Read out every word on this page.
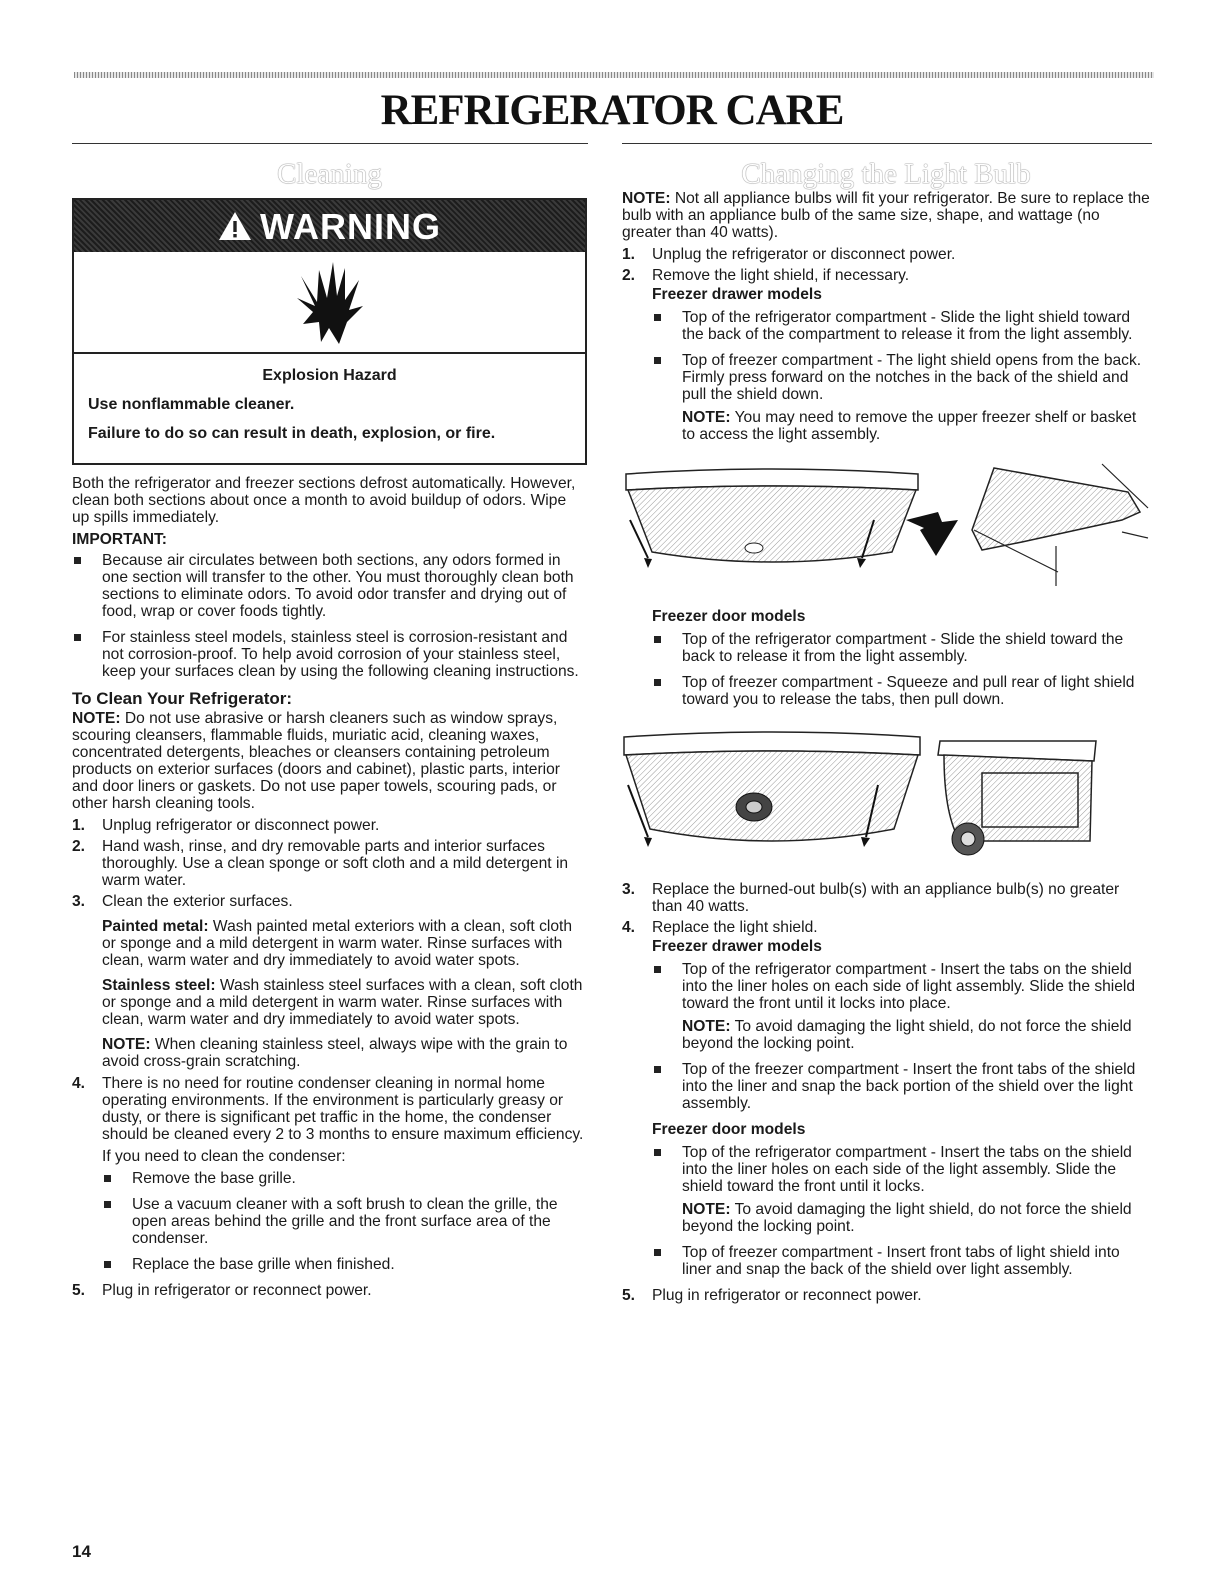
REFRIGERATOR CARE
Cleaning
WARNING

Explosion Hazard

Use nonflammable cleaner.

Failure to do so can result in death, explosion, or fire.

Both the refrigerator and freezer sections defrost automatically. However, clean both sections about once a month to avoid buildup of odors. Wipe up spills immediately.

IMPORTANT:
Because air circulates between both sections, any odors formed in one section will transfer to the other. You must thoroughly clean both sections to eliminate odors. To avoid odor transfer and drying out of food, wrap or cover foods tightly.
For stainless steel models, stainless steel is corrosion-resistant and not corrosion-proof. To help avoid corrosion of your stainless steel, keep your surfaces clean by using the following cleaning instructions.
To Clean Your Refrigerator:

NOTE: Do not use abrasive or harsh cleaners such as window sprays, scouring cleansers, flammable fluids, muriatic acid, cleaning waxes, concentrated detergents, bleaches or cleansers containing petroleum products on exterior surfaces (doors and cabinet), plastic parts, interior and door liners or gaskets. Do not use paper towels, scouring pads, or other harsh cleaning tools.

1. Unplug refrigerator or disconnect power.
2. Hand wash, rinse, and dry removable parts and interior surfaces thoroughly. Use a clean sponge or soft cloth and a mild detergent in warm water.
3. Clean the exterior surfaces.

Painted metal: Wash painted metal exteriors with a clean, soft cloth or sponge and a mild detergent in warm water. Rinse surfaces with clean, warm water and dry immediately to avoid water spots.

Stainless steel: Wash stainless steel surfaces with a clean, soft cloth or sponge and a mild detergent in warm water. Rinse surfaces with clean, warm water and dry immediately to avoid water spots.

NOTE: When cleaning stainless steel, always wipe with the grain to avoid cross-grain scratching.

4. There is no need for routine condenser cleaning in normal home operating environments. If the environment is particularly greasy or dusty, or there is significant pet traffic in the home, the condenser should be cleaned every 2 to 3 months to ensure maximum efficiency.

If you need to clean the condenser:

Remove the base grille.
Use a vacuum cleaner with a soft brush to clean the grille, the open areas behind the grille and the front surface area of the condenser.
Replace the base grille when finished.
5. Plug in refrigerator or reconnect power.
Changing the Light Bulb

NOTE: Not all appliance bulbs will fit your refrigerator. Be sure to replace the bulb with an appliance bulb of the same size, shape, and wattage (no greater than 40 watts).

1. Unplug the refrigerator or disconnect power.
2. Remove the light shield, if necessary.
Freezer drawer models
Top of the refrigerator compartment - Slide the light shield toward the back of the compartment to release it from the light assembly.
Top of freezer compartment - The light shield opens from the back. Firmly press forward on the notches in the back of the shield and pull the shield down.

NOTE: You may need to remove the upper freezer shelf or basket to access the light assembly.

Freezer door models
Top of the refrigerator compartment - Slide the shield toward the back to release it from the light assembly.
Top of freezer compartment - Squeeze and pull rear of light shield toward you to release the tabs, then pull down.
3. Replace the burned-out bulb(s) with an appliance bulb(s) no greater than 40 watts.
4. Replace the light shield.
Freezer drawer models
Top of the refrigerator compartment - Insert the tabs on the shield into the liner holes on each side of light assembly. Slide the shield toward the front until it locks into place.

NOTE: To avoid damaging the light shield, do not force the shield beyond the locking point.

Top of the freezer compartment - Insert the front tabs of the shield into the liner and snap the back portion of the shield over the light assembly.
Freezer door models
Top of the refrigerator compartment - Insert the tabs on the shield into the liner holes on each side of the light assembly. Slide the shield toward the front until it locks.

NOTE: To avoid damaging the light shield, do not force the shield beyond the locking point.

Top of freezer compartment - Insert front tabs of light shield into liner and snap the back of the shield over light assembly.
5. Plug in refrigerator or reconnect power.

14
